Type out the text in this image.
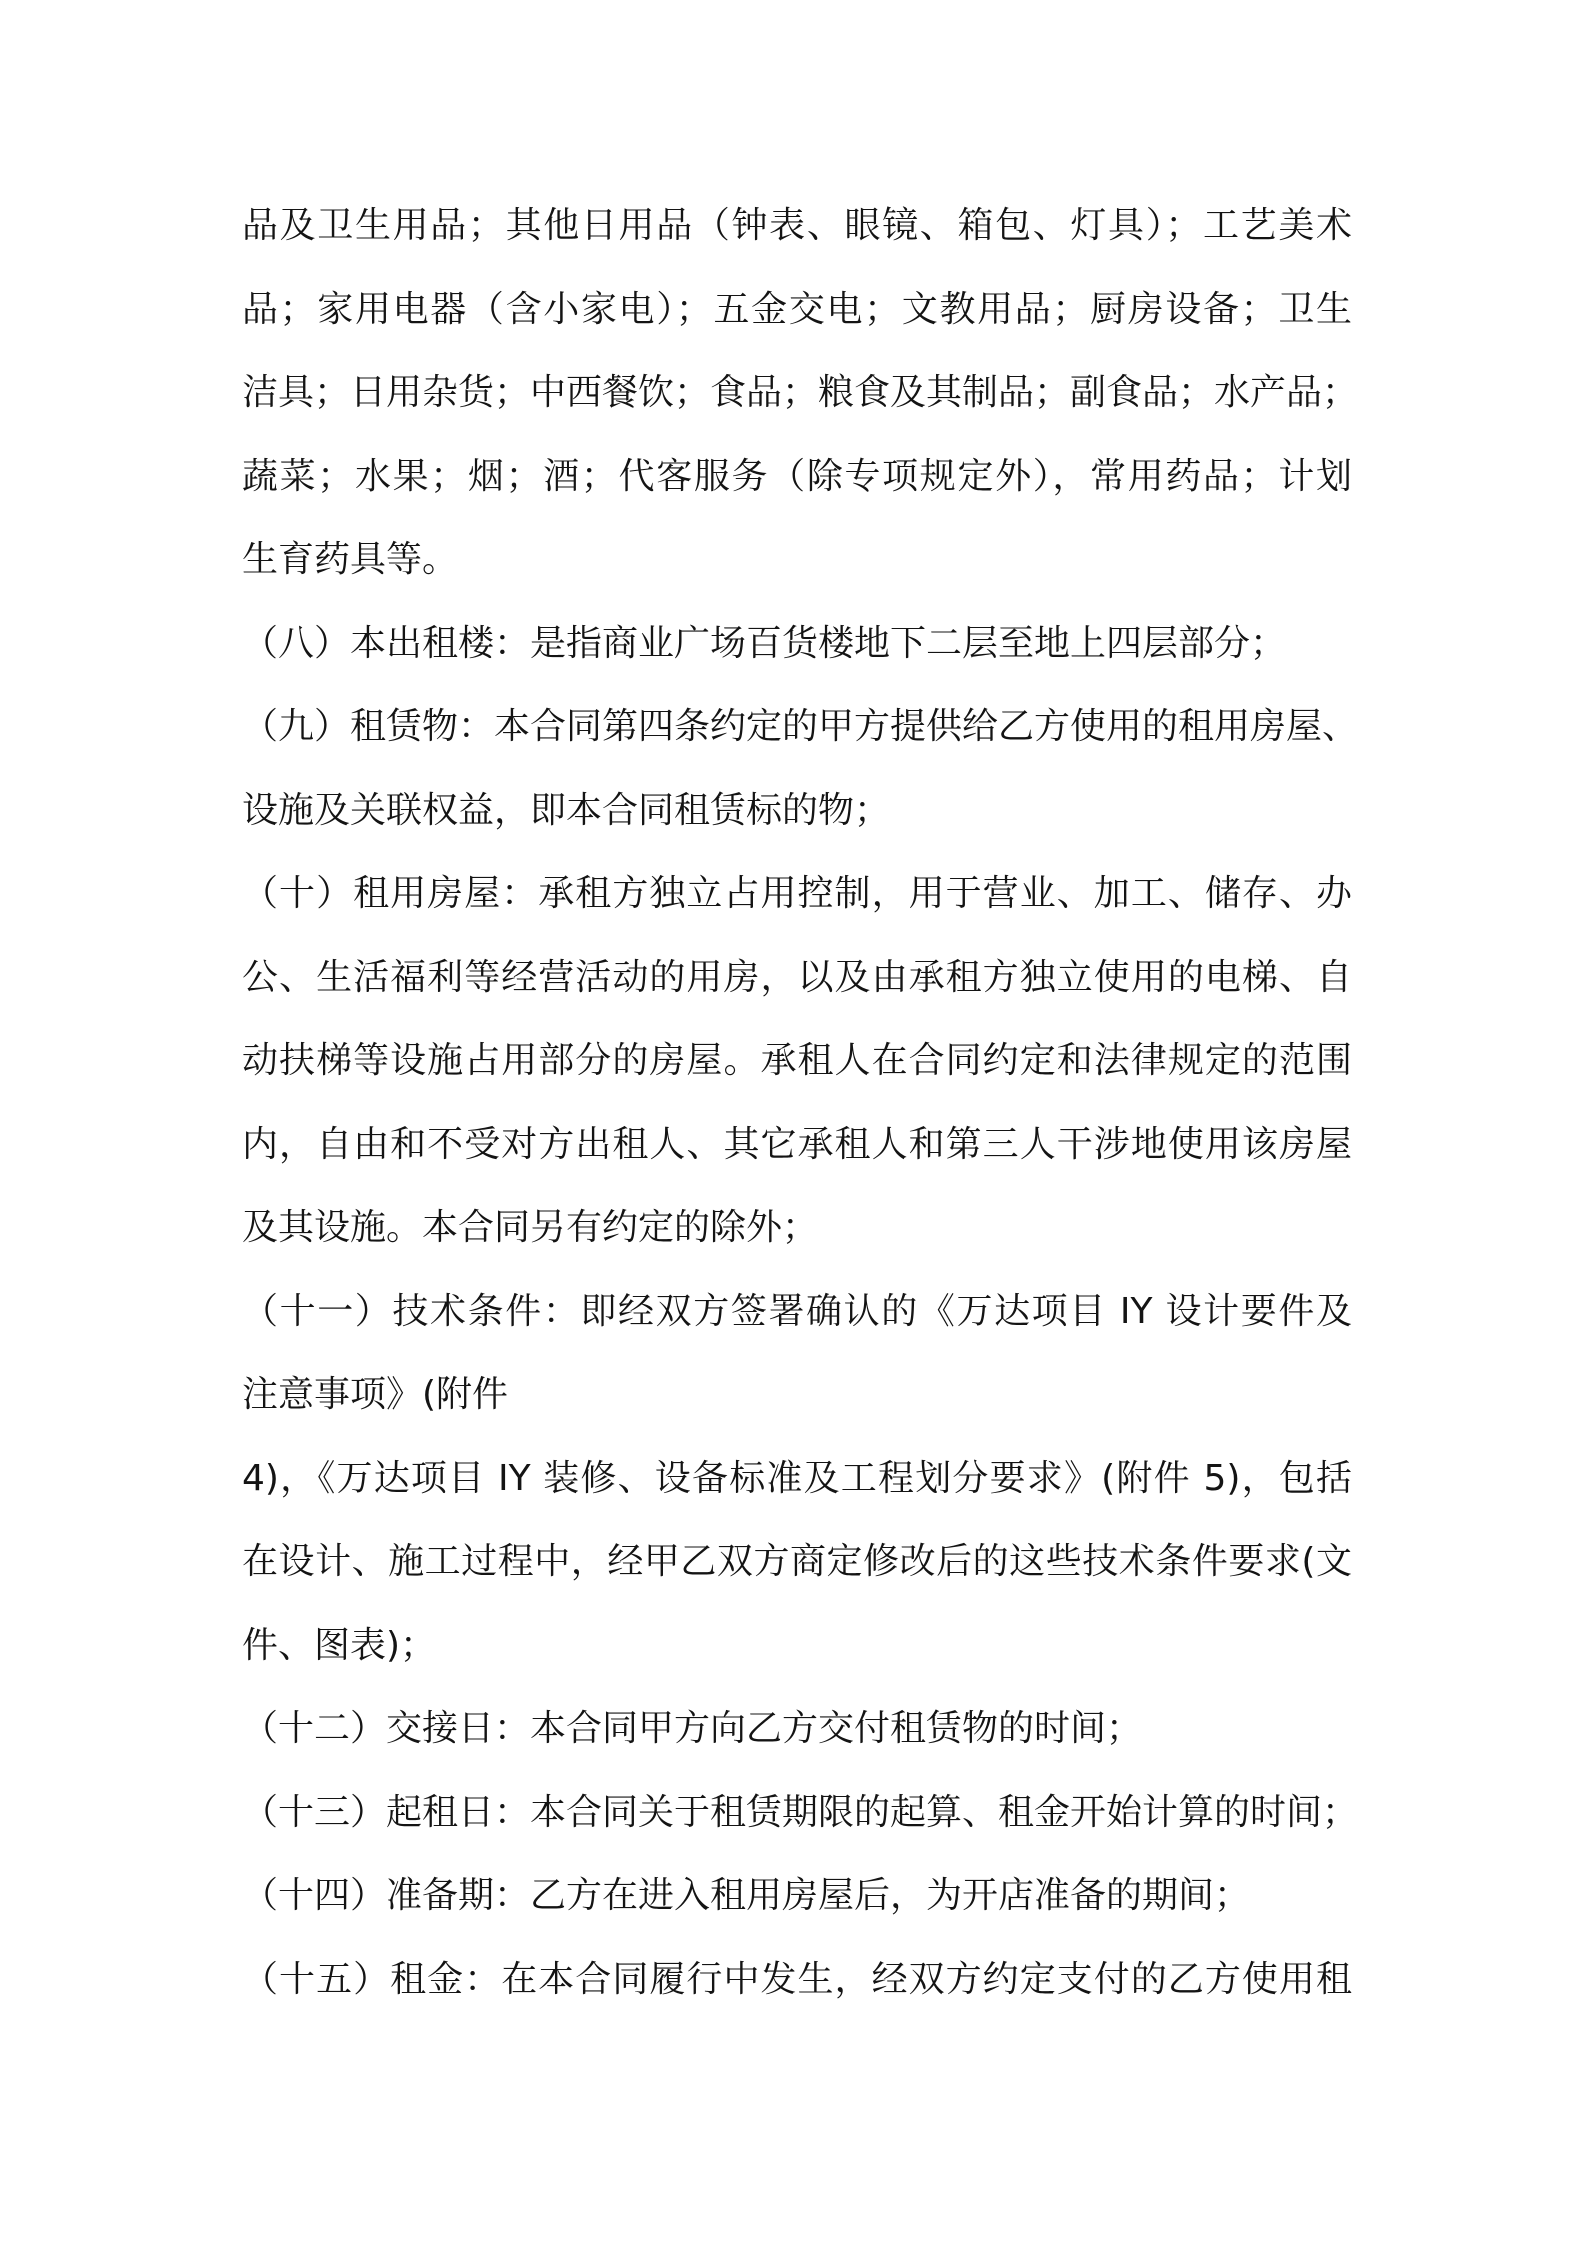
品及卫生用品；其他日用品（钟表、眼镜、箱包、灯具）；工艺美术
品；家用电器（含小家电）；五金交电；文教用品；厨房设备；卫生
洁具；日用杂货；中西餐饮；食品；粮食及其制品；副食品；水产品；
蔬菜；水果；烟；酒；代客服务（除专项规定外），常用药品；计划
生育药具等。
（八）本出租楼：是指商业广场百货楼地下二层至地上四层部分；
（九）租赁物：本合同第四条约定的甲方提供给乙方使用的租用房屋、
设施及关联权益，即本合同租赁标的物；
（十）租用房屋：承租方独立占用控制，用于营业、加工、储存、办
公、生活福利等经营活动的用房，以及由承租方独立使用的电梯、自
动扶梯等设施占用部分的房屋。承租人在合同约定和法律规定的范围
内，自由和不受对方出租人、其它承租人和第三人干涉地使用该房屋
及其设施。本合同另有约定的除外；
（十一）技术条件：即经双方签署确认的《万达项目 IY 设计要件及
注意事项》(附件
4)，《万达项目 IY 装修、设备标准及工程划分要求》(附件 5)，包括
在设计、施工过程中，经甲乙双方商定修改后的这些技术条件要求(文
件、图表)；
（十二）交接日：本合同甲方向乙方交付租赁物的时间；
（十三）起租日：本合同关于租赁期限的起算、租金开始计算的时间；
（十四）准备期：乙方在进入租用房屋后，为开店准备的期间；
（十五）租金：在本合同履行中发生，经双方约定支付的乙方使用租
